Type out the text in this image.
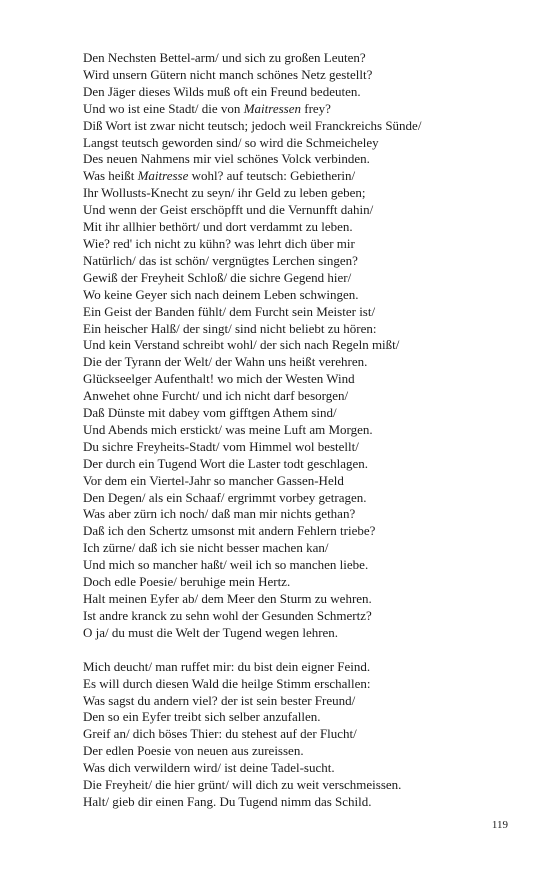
Den Nechsten Bettel-arm/ und sich zu großen Leuten?
Wird unsern Gütern nicht manch schönes Netz gestellt?
Den Jäger dieses Wilds muß oft ein Freund bedeuten.
Und wo ist eine Stadt/ die von Maitressen frey?
Diß Wort ist zwar nicht teutsch; jedoch weil Franckreichs Sünde/
Langst teutsch geworden sind/ so wird die Schmeicheley
Des neuen Nahmens mir viel schönes Volck verbinden.
Was heißt Maitresse wohl? auf teutsch: Gebietherin/
Ihr Wollusts-Knecht zu seyn/ ihr Geld zu leben geben;
Und wenn der Geist erschöpfft und die Vernunfft dahin/
Mit ihr allhier bethört/ und dort verdammt zu leben.
Wie? red' ich nicht zu kühn? was lehrt dich über mir
Natürlich/ das ist schön/ vergnügtes Lerchen singen?
Gewiß der Freyheit Schloß/ die sichre Gegend hier/
Wo keine Geyer sich nach deinem Leben schwingen.
Ein Geist der Banden fühlt/ dem Furcht sein Meister ist/
Ein heischer Halß/ der singt/ sind nicht beliebt zu hören:
Und kein Verstand schreibt wohl/ der sich nach Regeln mißt/
Die der Tyrann der Welt/ der Wahn uns heißt verehren.
Glückseelger Aufenthalt! wo mich der Westen Wind
Anwehet ohne Furcht/ und ich nicht darf besorgen/
Daß Dünste mit dabey vom gifftgen Athem sind/
Und Abends mich erstickt/ was meine Luft am Morgen.
Du sichre Freyheits-Stadt/ vom Himmel wol bestellt/
Der durch ein Tugend Wort die Laster todt geschlagen.
Vor dem ein Viertel-Jahr so mancher Gassen-Held
Den Degen/ als ein Schaaf/ ergrimmt vorbey getragen.
Was aber zürn ich noch/ daß man mir nichts gethan?
Daß ich den Schertz umsonst mit andern Fehlern triebe?
Ich zürne/ daß ich sie nicht besser machen kan/
Und mich so mancher haßt/ weil ich so manchen liebe.
Doch edle Poesie/ beruhige mein Hertz.
Halt meinen Eyfer ab/ dem Meer den Sturm zu wehren.
Ist andre kranck zu sehn wohl der Gesunden Schmertz?
O ja/ du must die Welt der Tugend wegen lehren.
Mich deucht/ man ruffet mir: du bist dein eigner Feind.
Es will durch diesen Wald die heilge Stimm erschallen:
Was sagst du andern viel? der ist sein bester Freund/
Den so ein Eyfer treibt sich selber anzufallen.
Greif an/ dich böses Thier: du stehest auf der Flucht/
Der edlen Poesie von neuen aus zureissen.
Was dich verwildern wird/ ist deine Tadel-sucht.
Die Freyheit/ die hier grünt/ will dich zu weit verschmeissen.
Halt/ gieb dir einen Fang. Du Tugend nimm das Schild.
119
